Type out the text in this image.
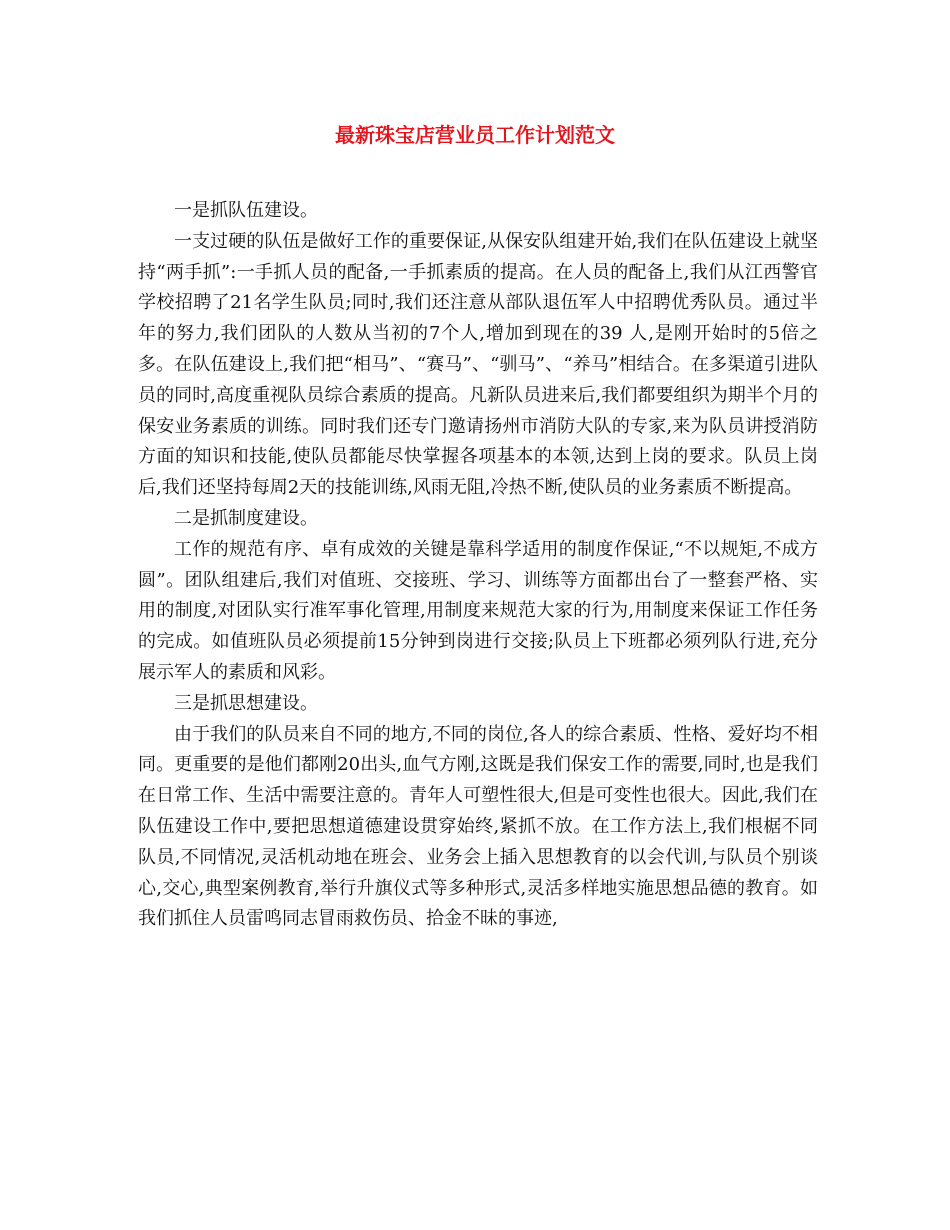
最新珠宝店营业员工作计划范文

一是抓队伍建设。

一支过硬的队伍是做好工作的重要保证,从保安队组建开始,我们在队伍建设上就坚持“两手抓”:一手抓人员的配备,一手抓素质的提高。在人员的配备上,我们从江西警官学校招聘了21名学生队员;同时,我们还注意从部队退伍军人中招聘优秀队员。通过半年的努力,我们团队的人数从当初的7个人,增加到现在的39 人,是刚开始时的5倍之多。在队伍建设上,我们把“相马”、“赛马”、“驯马”、“养马”相结合。在多渠道引进队员的同时,高度重视队员综合素质的提高。凡新队员进来后,我们都要组织为期半个月的保安业务素质的训练。同时我们还专门邀请扬州市消防大队的专家,来为队员讲授消防方面的知识和技能,使队员都能尽快掌握各项基本的本领,达到上岗的要求。队员上岗后,我们还坚持每周2天的技能训练,风雨无阻,冷热不断,使队员的业务素质不断提高。

二是抓制度建设。

工作的规范有序、卓有成效的关键是靠科学适用的制度作保证,“不以规矩,不成方圆”。团队组建后,我们对值班、交接班、学习、训练等方面都出台了一整套严格、实用的制度,对团队实行准军事化管理,用制度来规范大家的行为,用制度来保证工作任务的完成。如值班队员必须提前15分钟到岗进行交接;队员上下班都必须列队行进,充分展示军人的素质和风彩。

三是抓思想建设。

由于我们的队员来自不同的地方,不同的岗位,各人的综合素质、性格、爱好均不相同。更重要的是他们都刚20出头,血气方刚,这既是我们保安工作的需要,同时,也是我们在日常工作、生活中需要注意的。青年人可塑性很大,但是可变性也很大。因此,我们在队伍建设工作中,要把思想道德建设贯穿始终,紧抓不放。在工作方法上,我们根椐不同队员,不同情况,灵活机动地在班会、业务会上插入思想教育的以会代训,与队员个别谈心,交心,典型案例教育,举行升旗仪式等多种形式,灵活多样地实施思想品德的教育。如我们抓住人员雷鸣同志冒雨救伤员、拾金不昧的事迹,
